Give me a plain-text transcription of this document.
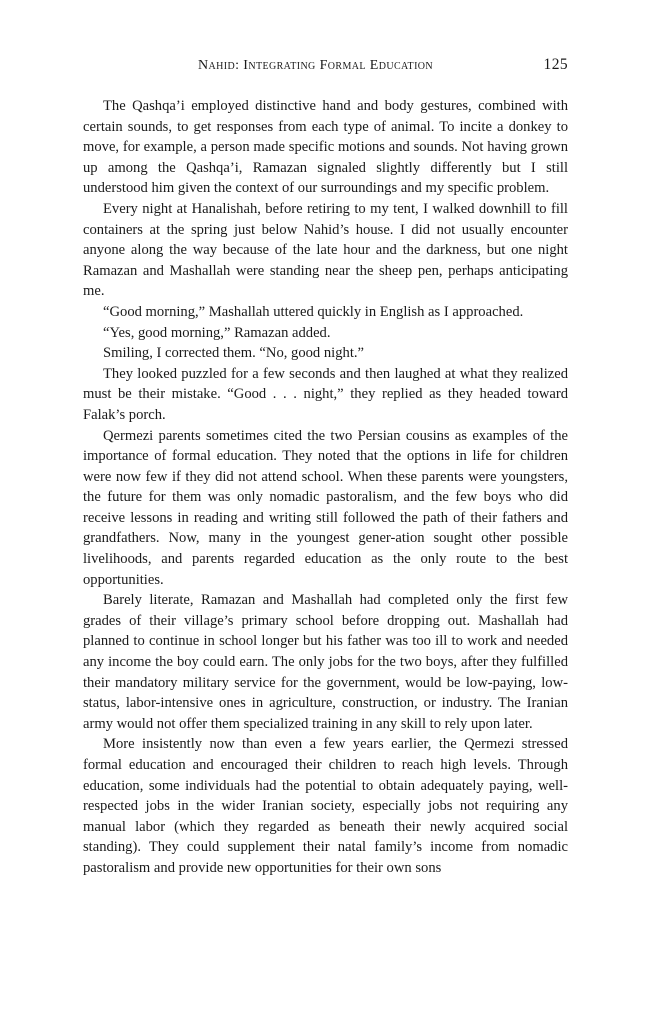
Nahid: Integrating Formal Education	125

The Qashqa’i employed distinctive hand and body gestures, combined with certain sounds, to get responses from each type of animal. To incite a donkey to move, for example, a person made specific motions and sounds. Not having grown up among the Qashqa’i, Ramazan signaled slightly differently but I still understood him given the context of our surroundings and my specific problem.

Every night at Hanalishah, before retiring to my tent, I walked downhill to fill containers at the spring just below Nahid’s house. I did not usually encounter anyone along the way because of the late hour and the darkness, but one night Ramazan and Mashallah were standing near the sheep pen, perhaps anticipating me.

“Good morning,” Mashallah uttered quickly in English as I approached.

“Yes, good morning,” Ramazan added.

Smiling, I corrected them. “No, good night.”

They looked puzzled for a few seconds and then laughed at what they realized must be their mistake. “Good . . . night,” they replied as they headed toward Falak’s porch.

Qermezi parents sometimes cited the two Persian cousins as examples of the importance of formal education. They noted that the options in life for children were now few if they did not attend school. When these parents were youngsters, the future for them was only nomadic pastoralism, and the few boys who did receive lessons in reading and writing still followed the path of their fathers and grandfathers. Now, many in the youngest gener-ation sought other possible livelihoods, and parents regarded education as the only route to the best opportunities.

Barely literate, Ramazan and Mashallah had completed only the first few grades of their village’s primary school before dropping out. Mashallah had planned to continue in school longer but his father was too ill to work and needed any income the boy could earn. The only jobs for the two boys, after they fulfilled their mandatory military service for the government, would be low-paying, low-status, labor-intensive ones in agriculture, construction, or industry. The Iranian army would not offer them specialized training in any skill to rely upon later.

More insistently now than even a few years earlier, the Qermezi stressed formal education and encouraged their children to reach high levels. Through education, some individuals had the potential to obtain adequately paying, well-respected jobs in the wider Iranian society, especially jobs not requiring any manual labor (which they regarded as beneath their newly acquired social standing). They could supplement their natal family’s income from nomadic pastoralism and provide new opportunities for their own sons
